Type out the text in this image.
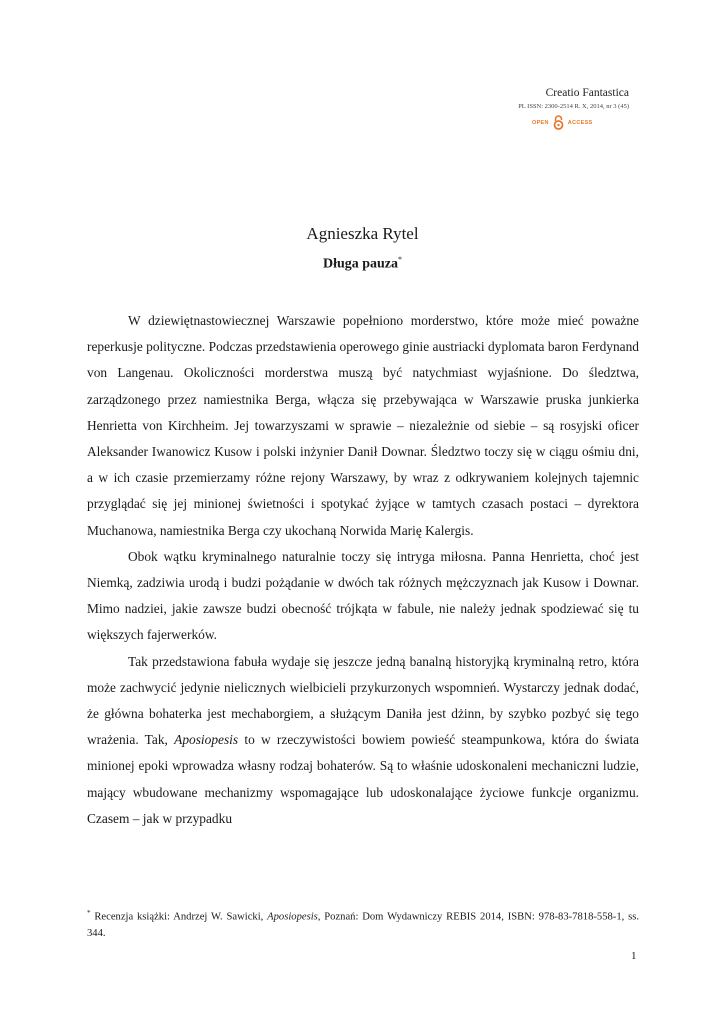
Creatio Fantastica
PL ISSN: 2300-2514 R. X, 2014, nr 3 (45)
OPEN	ACCESS
Agnieszka Rytel
Długa pauza*

W dziewiętnastowiecznej Warszawie popełniono morderstwo, które może mieć poważne reperkusje polityczne. Podczas przedstawienia operowego ginie austriacki dyplomata baron Ferdynand von Langenau. Okoliczności morderstwa muszą być natychmiast wyjaśnione. Do śledztwa, zarządzonego przez namiestnika Berga, włącza się przebywająca w Warszawie pruska junkierka Henrietta von Kirchheim. Jej towarzyszami w sprawie – niezależnie od siebie – są rosyjski oficer Aleksander Iwanowicz Kusow i polski inżynier Danił Downar. Śledztwo toczy się w ciągu ośmiu dni, a w ich czasie przemierzamy różne rejony Warszawy, by wraz z odkrywaniem kolejnych tajemnic przyglądać się jej minionej świetności i spotykać żyjące w tamtych czasach postaci – dyrektora Muchanowa, namiestnika Berga czy ukochaną Norwida Marię Kalergis.

Obok wątku kryminalnego naturalnie toczy się intryga miłosna. Panna Henrietta, choć jest Niemką, zadziwia urodą i budzi pożądanie w dwóch tak różnych mężczyznach jak Kusow i Downar. Mimo nadziei, jakie zawsze budzi obecność trójkąta w fabule, nie należy jednak spodziewać się tu większych fajerwerków.

Tak przedstawiona fabuła wydaje się jeszcze jedną banalną historyjką kryminalną retro, która może zachwycić jedynie nielicznych wielbicieli przykurzonych wspomnień. Wystarczy jednak dodać, że główna bohaterka jest mechaborgiem, a służącym Daniła jest dżinn, by szybko pozbyć się tego wrażenia. Tak, Aposiopesis to w rzeczywistości bowiem powieść steampunkowa, która do świata minionej epoki wprowadza własny rodzaj bohaterów. Są to właśnie udoskonaleni mechaniczni ludzie, mający wbudowane mechanizmy wspomagające lub udoskonalające życiowe funkcje organizmu. Czasem – jak w przypadku

* Recenzja książki: Andrzej W. Sawicki, Aposiopesis, Poznań: Dom Wydawniczy REBIS 2014, ISBN: 978-83-7818-558-1, ss. 344.
1
